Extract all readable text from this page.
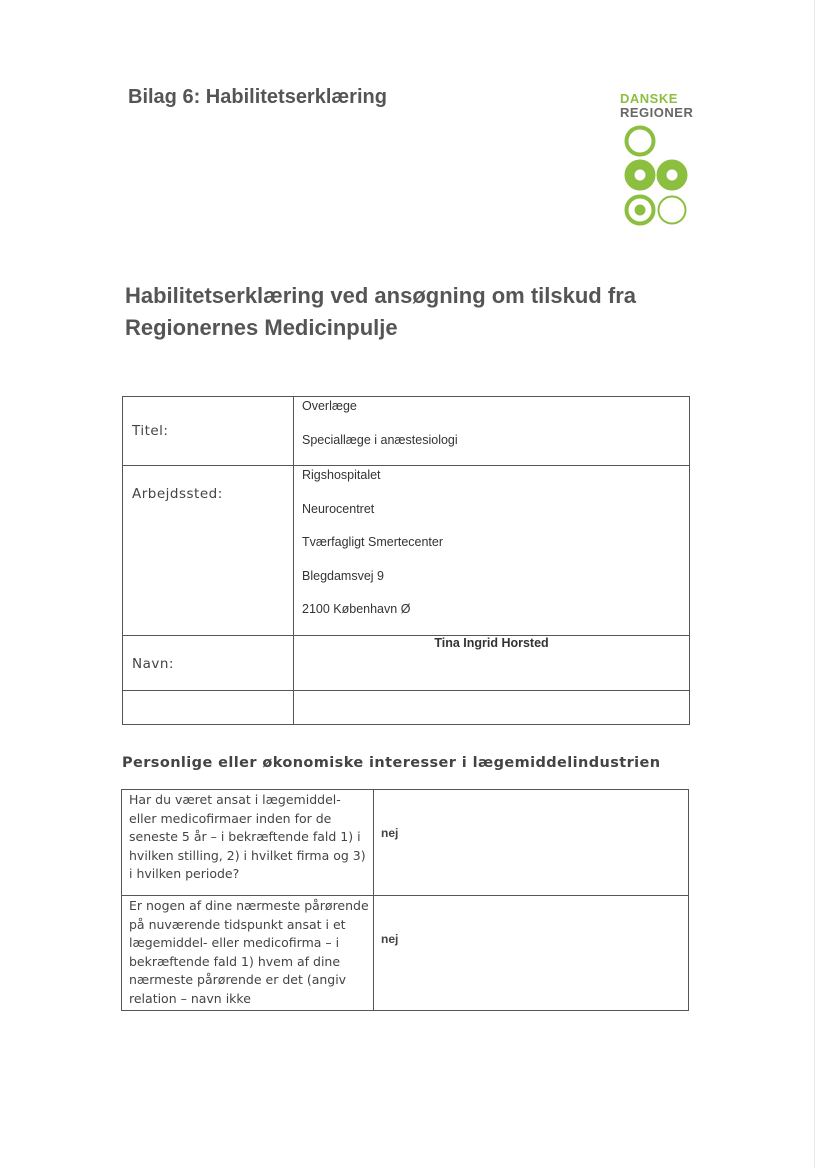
Bilag 6: Habilitetserklæring	DANSKE
REGIONER
Habilitetserklæring ved ansøgning om tilskud fra Regionernes Medicinpulje
Titel:	Overlæge
Speciallæge i anæstesiologi

Arbejdssted:	Rigshospitalet
Neurocentret
Tværfagligt Smertecenter
Blegdamsvej 9
2100 København Ø

Navn:	Tina Ingrid Horsted

Personlige eller økonomiske interesser i lægemiddelindustrien
Har du været ansat i lægemiddel- eller medicofirmaer inden for de seneste 5 år – i bekræftende fald 1) i hvilken stilling, 2) i hvilket firma og 3) i hvilken periode?	nej
Er nogen af dine nærmeste pårørende på nuværende tidspunkt ansat i et lægemiddel- eller medicofirma – i bekræftende fald 1) hvem af dine nærmeste pårørende er det (angiv relation – navn ikke	nej
